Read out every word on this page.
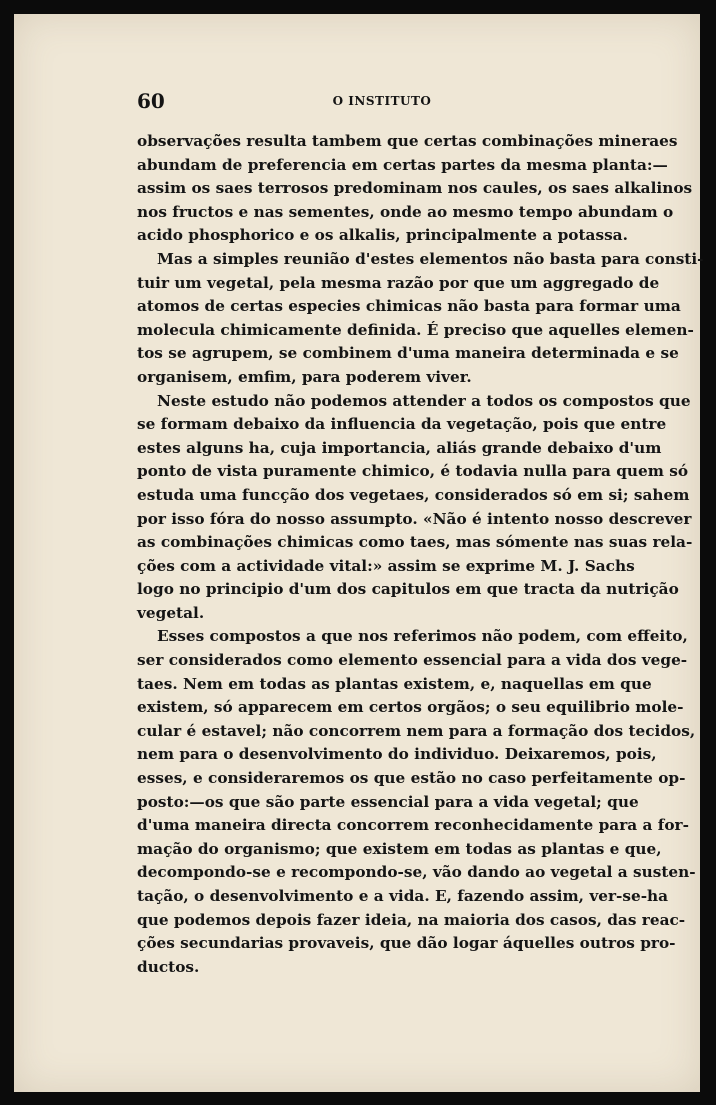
60	O INSTITUTO
observações resulta tambem que certas combinações mineraes
abundam de preferencia em certas partes da mesma planta:—
assim os saes terrosos predominam nos caules, os saes alkalinos
nos fructos e nas sementes, onde ao mesmo tempo abundam o
acido phosphorico e os alkalis, principalmente a potassa.
Mas a simples reunião d'estes elementos não basta para consti-
tuir um vegetal, pela mesma razão por que um aggregado de
atomos de certas especies chimicas não basta para formar uma
molecula chimicamente definida. É preciso que aquelles elemen-
tos se agrupem, se combinem d'uma maneira determinada e se
organisem, emfim, para poderem viver.
Neste estudo não podemos attender a todos os compostos que
se formam debaixo da influencia da vegetação, pois que entre
estes alguns ha, cuja importancia, aliás grande debaixo d'um
ponto de vista puramente chimico, é todavia nulla para quem só
estuda uma funcção dos vegetaes, considerados só em si; sahem
por isso fóra do nosso assumpto. «Não é intento nosso descrever
as combinações chimicas como taes, mas sómente nas suas rela-
ções com a actividade vital:» assim se exprime M. J. Sachs
logo no principio d'um dos capitulos em que tracta da nutrição
vegetal.
Esses compostos a que nos referimos não podem, com effeito,
ser considerados como elemento essencial para a vida dos vege-
taes. Nem em todas as plantas existem, e, naquellas em que
existem, só apparecem em certos orgãos; o seu equilibrio mole-
cular é estavel; não concorrem nem para a formação dos tecidos,
nem para o desenvolvimento do individuo. Deixaremos, pois,
esses, e consideraremos os que estão no caso perfeitamente op-
posto:—os que são parte essencial para a vida vegetal; que
d'uma maneira directa concorrem reconhecidamente para a for-
mação do organismo; que existem em todas as plantas e que,
decompondo-se e recompondo-se, vão dando ao vegetal a susten-
tação, o desenvolvimento e a vida. E, fazendo assim, ver-se-ha
que podemos depois fazer ideia, na maioria dos casos, das reac-
ções secundarias provaveis, que dão logar áquelles outros pro-
ductos.
